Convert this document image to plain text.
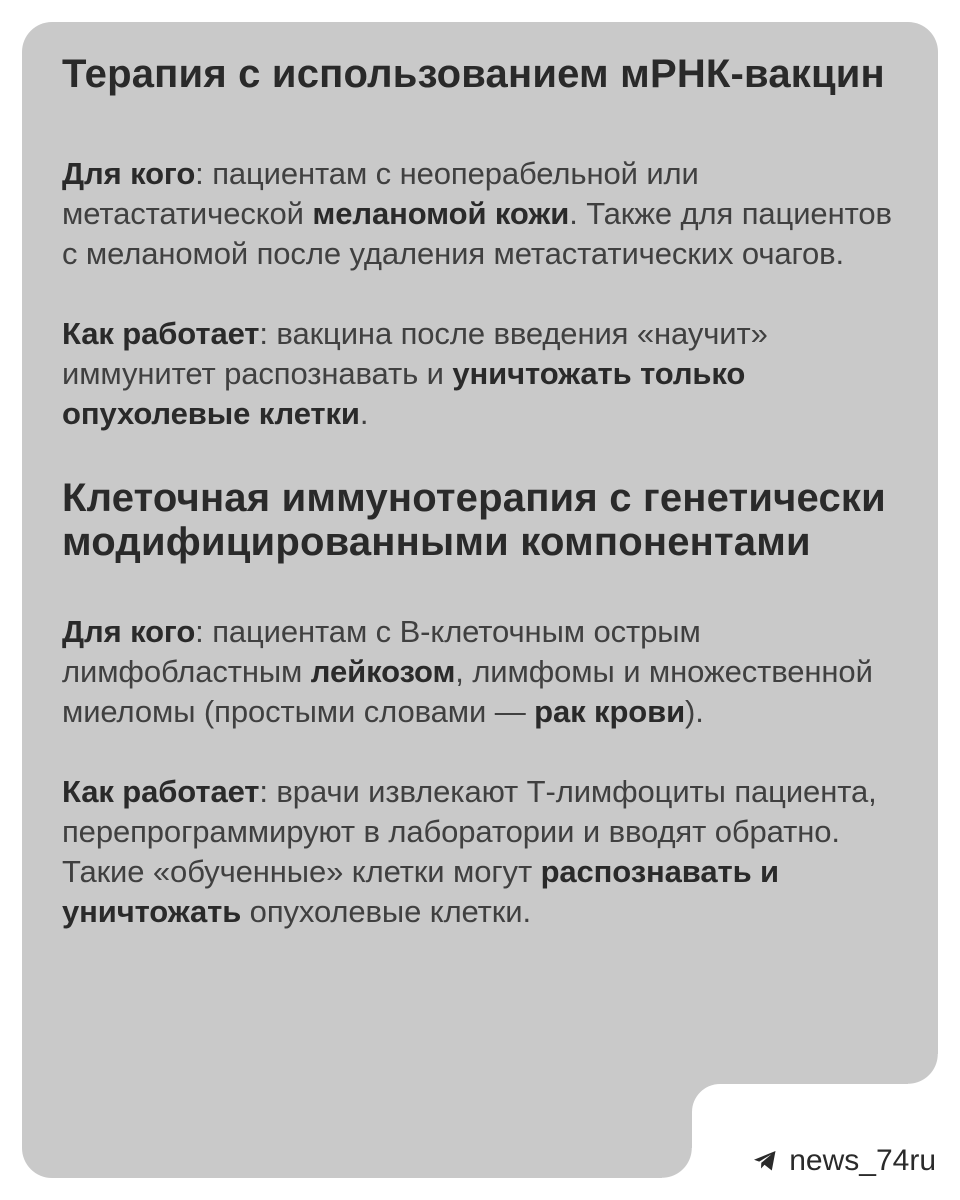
Терапия с использованием мРНК-вакцин

Для кого: пациентам с неоперабельной или метастатической меланомой кожи. Также для пациентов с меланомой после удаления метастатических очагов.

Как работает: вакцина после введения «научит» иммунитет распознавать и уничтожать только опухолевые клетки.

Клеточная иммунотерапия с генетически модифицированными компонентами

Для кого: пациентам с В-клеточным острым лимфобластным лейкозом, лимфомы и множественной миеломы (простыми словами — рак крови).

Как работает: врачи извлекают Т-лимфоциты пациента, перепрограммируют в лаборатории и вводят обратно. Такие «обученные» клетки могут распознавать и уничтожать опухолевые клетки.

news_74ru
